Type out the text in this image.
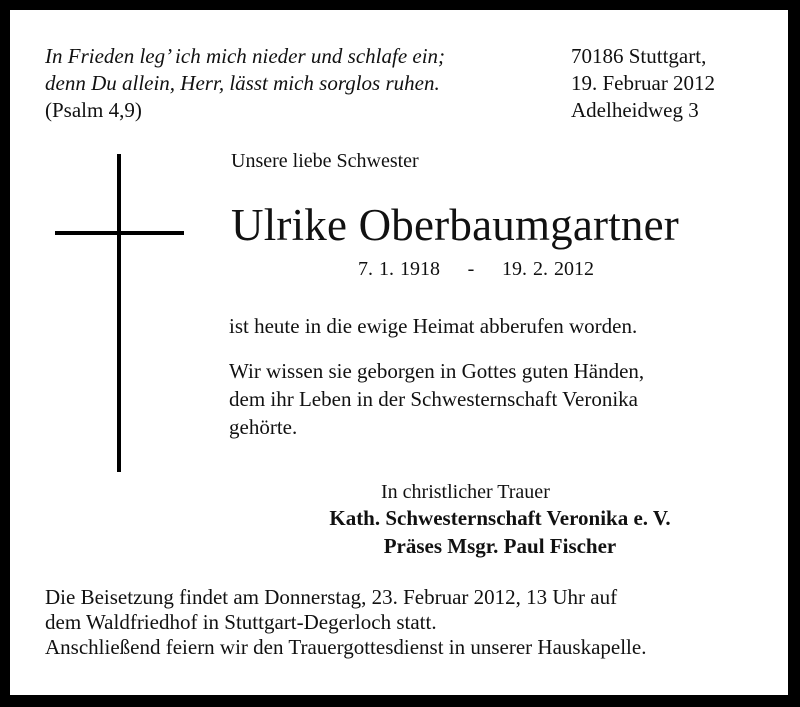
In Frieden leg’ ich mich nieder und schlafe ein;
denn Du allein, Herr, lässt mich sorglos ruhen.
(Psalm 4,9)
70186 Stuttgart,
19. Februar 2012
Adelheidweg 3
Unsere liebe Schwester
Ulrike Oberbaumgartner
7. 1. 1918 - 19. 2. 2012
ist heute in die ewige Heimat abberufen worden.
Wir wissen sie geborgen in Gottes guten Händen,
dem ihr Leben in der Schwesternschaft Veronika
gehörte.
In christlicher Trauer
Kath. Schwesternschaft Veronika e. V.
Präses Msgr. Paul Fischer
Die Beisetzung findet am Donnerstag, 23. Februar 2012, 13 Uhr auf
dem Waldfriedhof in Stuttgart-Degerloch statt.
Anschließend feiern wir den Trauergottesdienst in unserer Hauskapelle.
